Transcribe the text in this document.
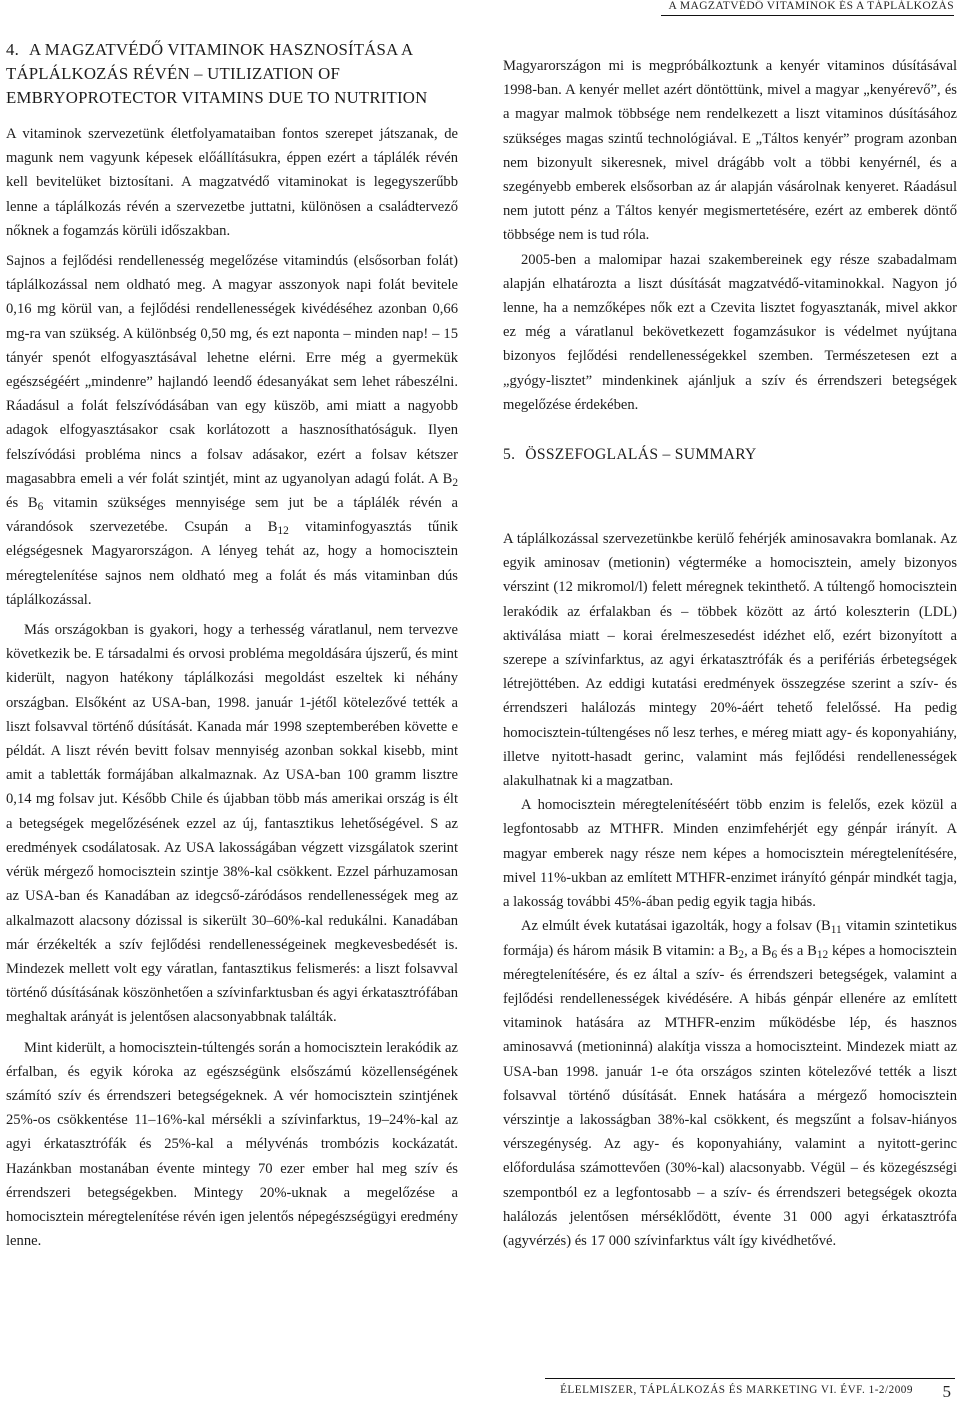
A MAGZATVÉDŐ VITAMINOK ÉS A TÁPLÁLKOZÁS
4. A MAGZATVÉDŐ VITAMINOK HASZNOSÍTÁSA A TÁPLÁLKOZÁS RÉVÉN – UTILIZATION OF EMBRYOPROTECTOR VITAMINS DUE TO NUTRITION

A vitaminok szervezetünk életfolyamataiban fontos szerepet játszanak, de magunk nem vagyunk képesek előállításukra, éppen ezért a táplálék révén kell bevitelüket biztosítani. A magzatvédő vitaminokat is legegyszerűbb lenne a táplálkozás révén a szervezetbe juttatni, különösen a családtervező nőknek a fogamzás körüli időszakban.

Sajnos a fejlődési rendellenesség megelőzése vitamindús (elsősorban folát) táplálkozással nem oldható meg. A magyar asszonyok napi folát bevitele 0,16 mg körül van, a fejlődési rendellenességek kivédéséhez azonban 0,66 mg-ra van szükség. A különbség 0,50 mg, és ezt naponta – minden nap! – 15 tányér spenót elfogyasztásával lehetne elérni. Erre még a gyermekük egészségéért „mindenre” hajlandó leendő édesanyákat sem lehet rábeszélni. Ráadásul a folát felszívódásában van egy küszöb, ami miatt a nagyobb adagok elfogyasztásakor csak korlátozott a hasznosíthatóságuk. Ilyen felszívódási probléma nincs a folsav adásakor, ezért a folsav kétszer magasabbra emeli a vér folát szintjét, mint az ugyanolyan adagú folát. A $B_2$ és $B_6$ vitamin szükséges mennyisége sem jut be a táplálék révén a várandósok szervezetébe. Csupán a $B_{12}$ vitaminfogyasztás tűnik elégségesnek Magyarországon. A lényeg tehát az, hogy a homocisztein méregtelenítése sajnos nem oldható meg a folát és más vitaminban dús táplálkozással.

Más országokban is gyakori, hogy a terhesség váratlanul, nem tervezve következik be. E társadalmi és orvosi probléma megoldására újszerű, és mint kiderült, nagyon hatékony táplálkozási megoldást eszeltek ki néhány országban. Elsőként az USA-ban, 1998. január 1-jétől kötelezővé tették a liszt folsavval történő dúsítását. Kanada már 1998 szeptemberében követte e példát. A liszt révén bevitt folsav mennyiség azonban sokkal kisebb, mint amit a tabletták formájában alkalmaznak. Az USA-ban 100 gramm lisztre 0,14 mg folsav jut. Később Chile és újabban több más amerikai ország is élt a betegségek megelőzésének ezzel az új, fantasztikus lehetőségével. S az eredmények csodálatosak. Az USA lakosságában végzett vizsgálatok szerint vérük mérgező homocisztein szintje 38%-kal csökkent. Ezzel párhuzamosan az USA-ban és Kanadában az idegcső-záródásos rendellenességek meg az alkalmazott alacsony dózissal is sikerült 30–60%-kal redukálni. Kanadában már érzékelték a szív fejlődési rendellenességeinek megkevesbedését is. Mindezek mellett volt egy váratlan, fantasztikus felismerés: a liszt folsavval történő dúsításának köszönhetően a szívinfarktusban és agyi érkatasztrófában meghaltak arányát is jelentősen alacsonyabbnak találták.

Mint kiderült, a homocisztein-túltengés során a homocisztein lerakódik az érfalban, és egyik kóroka az egészségünk elsőszámú közellenségének számító szív és érrendszeri betegségeknek. A vér homocisztein szintjének 25%-os csökkentése 11–16%-kal mérsékli a szívinfarktus, 19–24%-kal az agyi érkatasztrófák és 25%-kal a mélyvénás trombózis kockázatát. Hazánkban mostanában évente mintegy 70 ezer ember hal meg szív és érrendszeri betegségekben. Mintegy 20%-uknak a megelőzése a homocisztein méregtelenítése révén igen jelentős népegészségügyi eredmény lenne.

Magyarországon mi is megpróbálkoztunk a kenyér vitaminos dúsításával 1998-ban. A kenyér mellet azért döntöttünk, mivel a magyar „kenyérevő”, és a magyar malmok többsége nem rendelkezett a liszt vitaminos dúsításához szükséges magas szintű technológiával. E „Táltos kenyér” program azonban nem bizonyult sikeresnek, mivel drágább volt a többi kenyérnél, és a szegényebb emberek elsősorban az ár alapján vásárolnak kenyeret. Ráadásul nem jutott pénz a Táltos kenyér megismertetésére, ezért az emberek döntő többsége nem is tud róla.

2005-ben a malomipar hazai szakembereinek egy része szabadalmam alapján elhatározta a liszt dúsítását magzatvédő-vitaminokkal. Nagyon jó lenne, ha a nemzőképes nők ezt a Czevita lisztet fogyasztanák, mivel akkor ez még a váratlanul bekövetkezett fogamzásukor is védelmet nyújtana bizonyos fejlődési rendellenességekkel szemben. Természetesen ezt a „gyógy-lisztet” mindenkinek ajánljuk a szív és érrendszeri betegségek megelőzése érdekében.

5. ÖSSZEFOGLALÁS – SUMMARY

A táplálkozással szervezetünkbe kerülő fehérjék aminosavakra bomlanak. Az egyik aminosav (metionin) végterméke a homocisztein, amely bizonyos vérszint (12 mikromol/l) felett méregnek tekinthető. A túltengő homocisztein lerakódik az érfalakban és – többek között az ártó koleszterin (LDL) aktiválása miatt – korai érelmeszesedést idézhet elő, ezért bizonyított a szerepe a szívinfarktus, az agyi érkatasztrófák és a perifériás érbetegségek létrejöttében. Az eddigi kutatási eredmények összegzése szerint a szív- és érrendszeri halálozás mintegy 20%-áért tehető felelőssé. Ha pedig homocisztein-túltengéses nő lesz terhes, e méreg miatt agy- és koponyahiány, illetve nyitott-hasadt gerinc, valamint más fejlődési rendellenességek alakulhatnak ki a magzatban.

A homocisztein méregtelenítéséért több enzim is felelős, ezek közül a legfontosabb az MTHFR. Minden enzimfehérjét egy génpár irányít. A magyar emberek nagy része nem képes a homocisztein méregtelenítésére, mivel 11%-ukban az említett MTHFR-enzimet irányító génpár mindkét tagja, a lakosság további 45%-ában pedig egyik tagja hibás.

Az elmúlt évek kutatásai igazolták, hogy a folsav ($B_{11}$ vitamin szintetikus formája) és három másik B vitamin: a $B_2$, a $B_6$ és a $B_{12}$ képes a homocisztein méregtelenítésére, és ez által a szív- és érrendszeri betegségek, valamint a fejlődési rendellenességek kivédésére. A hibás génpár ellenére az említett vitaminok hatására az MTHFR-enzim működésbe lép, és hasznos aminosavvá (metioninná) alakítja vissza a homociszteint. Mindezek miatt az USA-ban 1998. január 1-e óta országos szinten kötelezővé tették a liszt folsavval történő dúsítását. Ennek hatására a mérgező homocisztein vérszintje a lakosságban 38%-kal csökkent, és megszűnt a folsav-hiányos vérszegénység. Az agy- és koponyahiány, valamint a nyitott-gerinc előfordulása számottevően (30%-kal) alacsonyabb. Végül – és közegészségi szempontból ez a legfontosabb – a szív- és érrendszeri betegségek okozta halálozás jelentősen mérséklődött, évente 31 000 agyi érkatasztrófa (agyvérzés) és 17 000 szívinfarktus vált így kivédhetővé.

ÉLELMISZER, TÁPLÁLKOZÁS ÉS MARKETING VI. ÉVF. 1-2/2009 5
